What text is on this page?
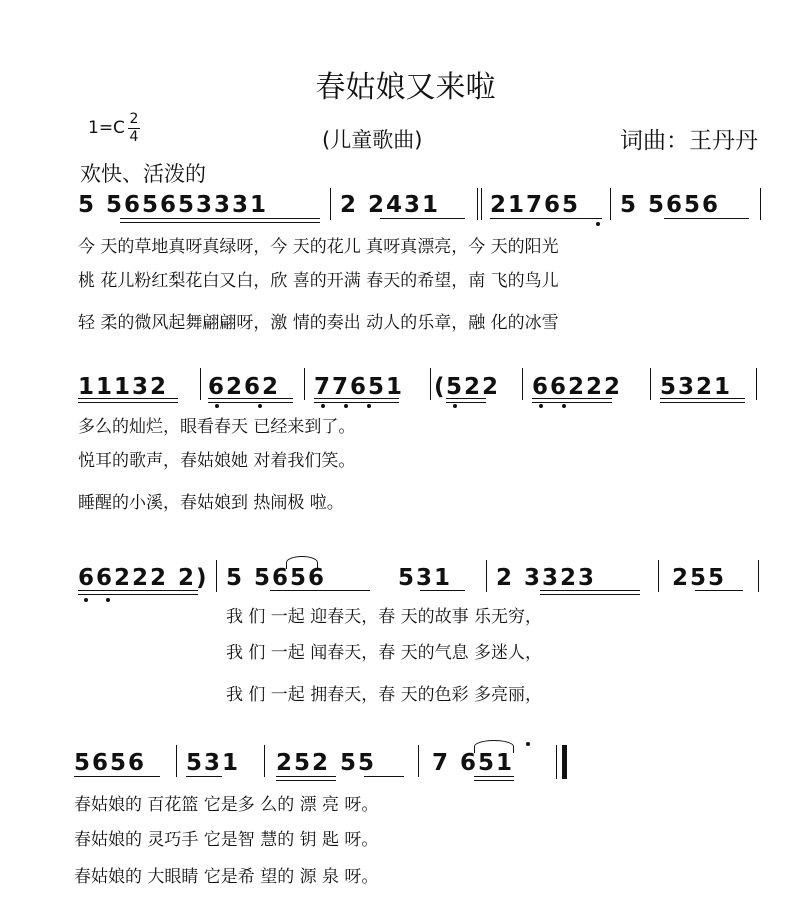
春姑娘又来啦
1=C 2
4	(儿童歌曲)	词曲：王丹丹
欢快、活泼的
5 565653331	2 2431 21765 5 5656
今 天的草地真呀真绿呀，今 天的花儿 真呀真漂亮，今 天的阳光
桃 花儿粉红梨花白又白，欣 喜的开满 春天的希望，南 飞的鸟儿
轻 柔的微风起舞翩翩呀，激 情的奏出 动人的乐章，融 化的冰雪
11132 6262 77651 ( 522 66222 5321
多么的灿烂，眼看春天 已经来到了。
悦耳的歌声，春姑娘她 对着我们笑。
睡醒的小溪，春姑娘到 热闹极 啦。
66222 2) 5 5656	531 2 3323	255
我 们 一起 迎春天，春 天的故事 乐无穷，
我 们 一起 闻春天，春 天的气息 多迷人，
我 们 一起 拥春天，春 天的色彩 多亮丽，
5656 531 252 55 7 651
春姑娘的 百花篮 它是多 么的 漂 亮 呀。
春姑娘的 灵巧手 它是智 慧的 钥 匙 呀。
春姑娘的 大眼睛 它是希 望的 源 泉 呀。
